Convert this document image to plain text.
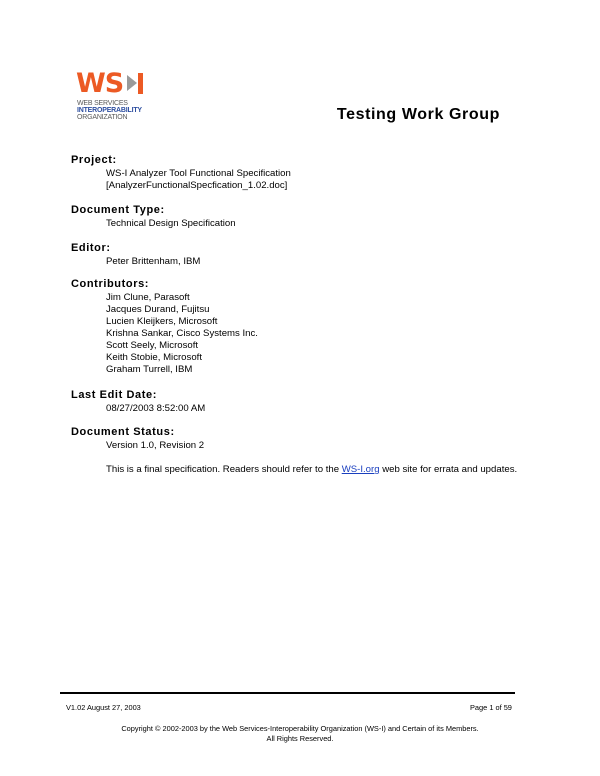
WS
WEB SERVICES
INTEROPERABILITY
ORGANIZATION	Testing Work Group
Project:
WS-I Analyzer Tool Functional Specification
[AnalyzerFunctionalSpecfication_1.02.doc]
Document Type:
Technical Design Specification
Editor:
Peter Brittenham, IBM
Contributors:
Jim Clune, Parasoft
Jacques Durand, Fujitsu
Lucien Kleijkers, Microsoft
Krishna Sankar, Cisco Systems Inc.
Scott Seely, Microsoft
Keith Stobie, Microsoft
Graham Turrell, IBM
Last Edit Date:
08/27/2003 8:52:00 AM
Document Status:
Version 1.0, Revision 2
This is a final specification. Readers should refer to the WS-I.org web site for errata and updates.
V1.02 August 27, 2003	Page 1 of 59
Copyright © 2002-2003 by the Web Services-Interoperability Organization (WS-I) and Certain of its Members.
All Rights Reserved.
